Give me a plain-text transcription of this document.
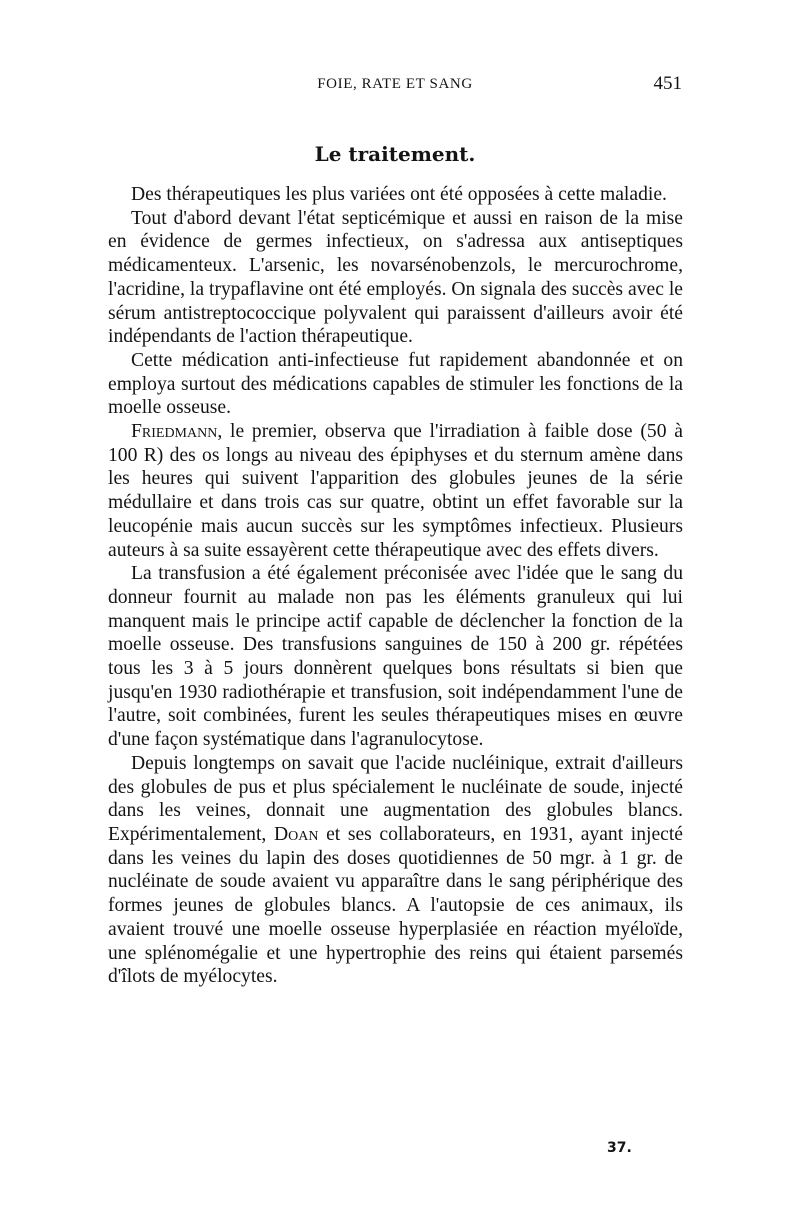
FOIE, RATE ET SANG	451
Le traitement.

Des thérapeutiques les plus variées ont été opposées à cette maladie.

Tout d'abord devant l'état septicémique et aussi en raison de la mise en évidence de germes infectieux, on s'adressa aux antiseptiques médicamenteux. L'arsenic, les novarsénobenzols, le mercurochrome, l'acridine, la trypaflavine ont été employés. On signala des succès avec le sérum antistreptococcique polyvalent qui paraissent d'ailleurs avoir été indépendants de l'action thérapeutique.

Cette médication anti-infectieuse fut rapidement abandonnée et on employa surtout des médications capables de stimuler les fonctions de la moelle osseuse.

Friedmann, le premier, observa que l'irradiation à faible dose (50 à 100 R) des os longs au niveau des épiphyses et du sternum amène dans les heures qui suivent l'apparition des globules jeunes de la série médullaire et dans trois cas sur quatre, obtint un effet favorable sur la leucopénie mais aucun succès sur les symptômes infectieux. Plusieurs auteurs à sa suite essayèrent cette thérapeutique avec des effets divers.

La transfusion a été également préconisée avec l'idée que le sang du donneur fournit au malade non pas les éléments granuleux qui lui manquent mais le principe actif capable de déclencher la fonction de la moelle osseuse. Des transfusions sanguines de 150 à 200 gr. répétées tous les 3 à 5 jours donnèrent quelques bons résultats si bien que jusqu'en 1930 radiothérapie et transfusion, soit indépendamment l'une de l'autre, soit combinées, furent les seules thérapeutiques mises en œuvre d'une façon systématique dans l'agranulocytose.

Depuis longtemps on savait que l'acide nucléinique, extrait d'ailleurs des globules de pus et plus spécialement le nucléinate de soude, injecté dans les veines, donnait une augmentation des globules blancs. Expérimentalement, Doan et ses collaborateurs, en 1931, ayant injecté dans les veines du lapin des doses quotidiennes de 50 mgr. à 1 gr. de nucléinate de soude avaient vu apparaître dans le sang périphérique des formes jeunes de globules blancs. A l'autopsie de ces animaux, ils avaient trouvé une moelle osseuse hyperplasiée en réaction myéloïde, une splénomégalie et une hypertrophie des reins qui étaient parsemés d'îlots de myélocytes.

37.
